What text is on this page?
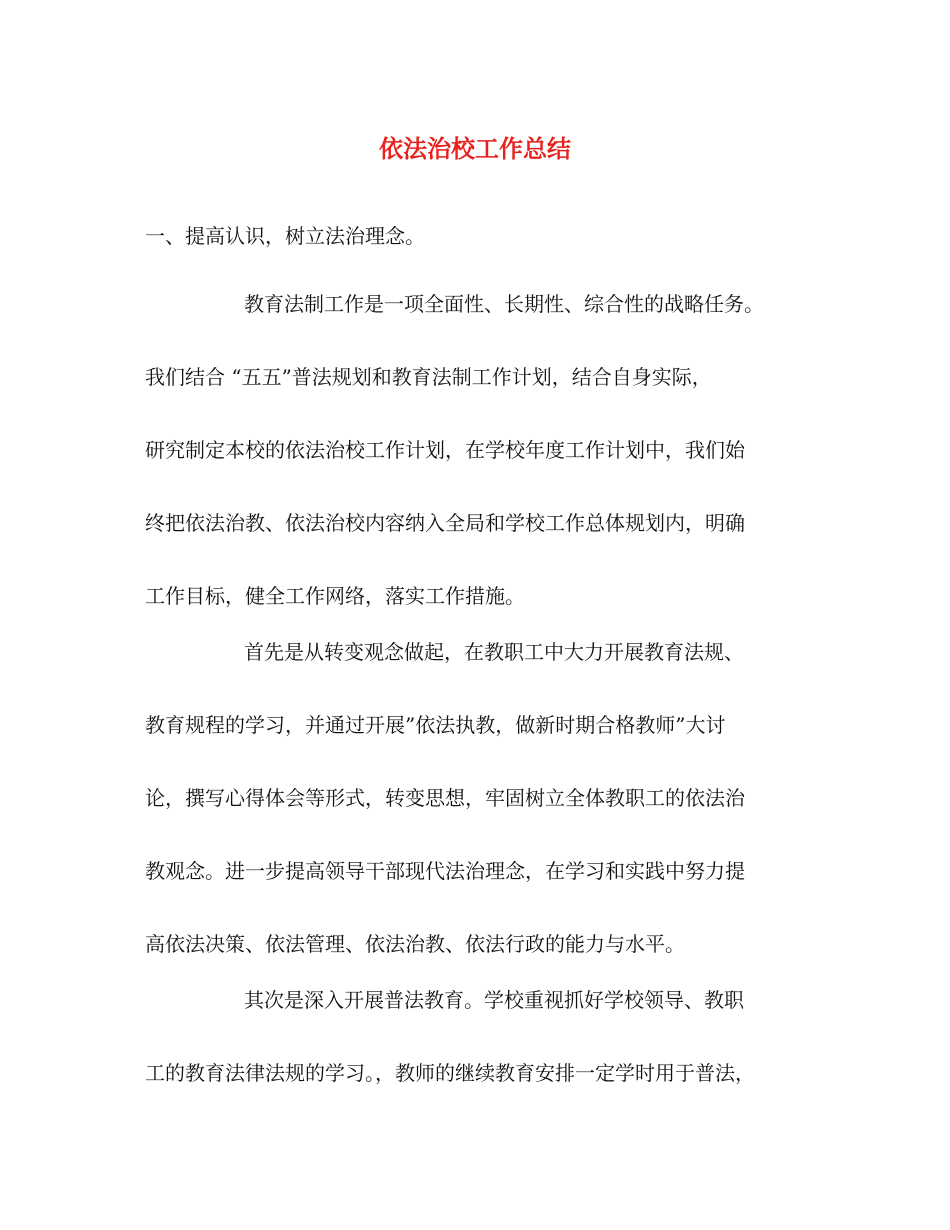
依法治校工作总结
一、提高认识，树立法治理念。
教育法制工作是一项全面性、长期性、综合性的战略任务。
我们结合 “五五”普法规划和教育法制工作计划，结合自身实际，
研究制定本校的依法治校工作计划，在学校年度工作计划中，我们始
终把依法治教、依法治校内容纳入全局和学校工作总体规划内，明确
工作目标，健全工作网络，落实工作措施。
首先是从转变观念做起，在教职工中大力开展教育法规、
教育规程的学习，并通过开展”依法执教，做新时期合格教师”大讨
论，撰写心得体会等形式，转变思想，牢固树立全体教职工的依法治
教观念。进一步提高领导干部现代法治理念，在学习和实践中努力提
高依法决策、依法管理、依法治教、依法行政的能力与水平。
其次是深入开展普法教育。学校重视抓好学校领导、教职
工的教育法律法规的学习。，教师的继续教育安排一定学时用于普法，
